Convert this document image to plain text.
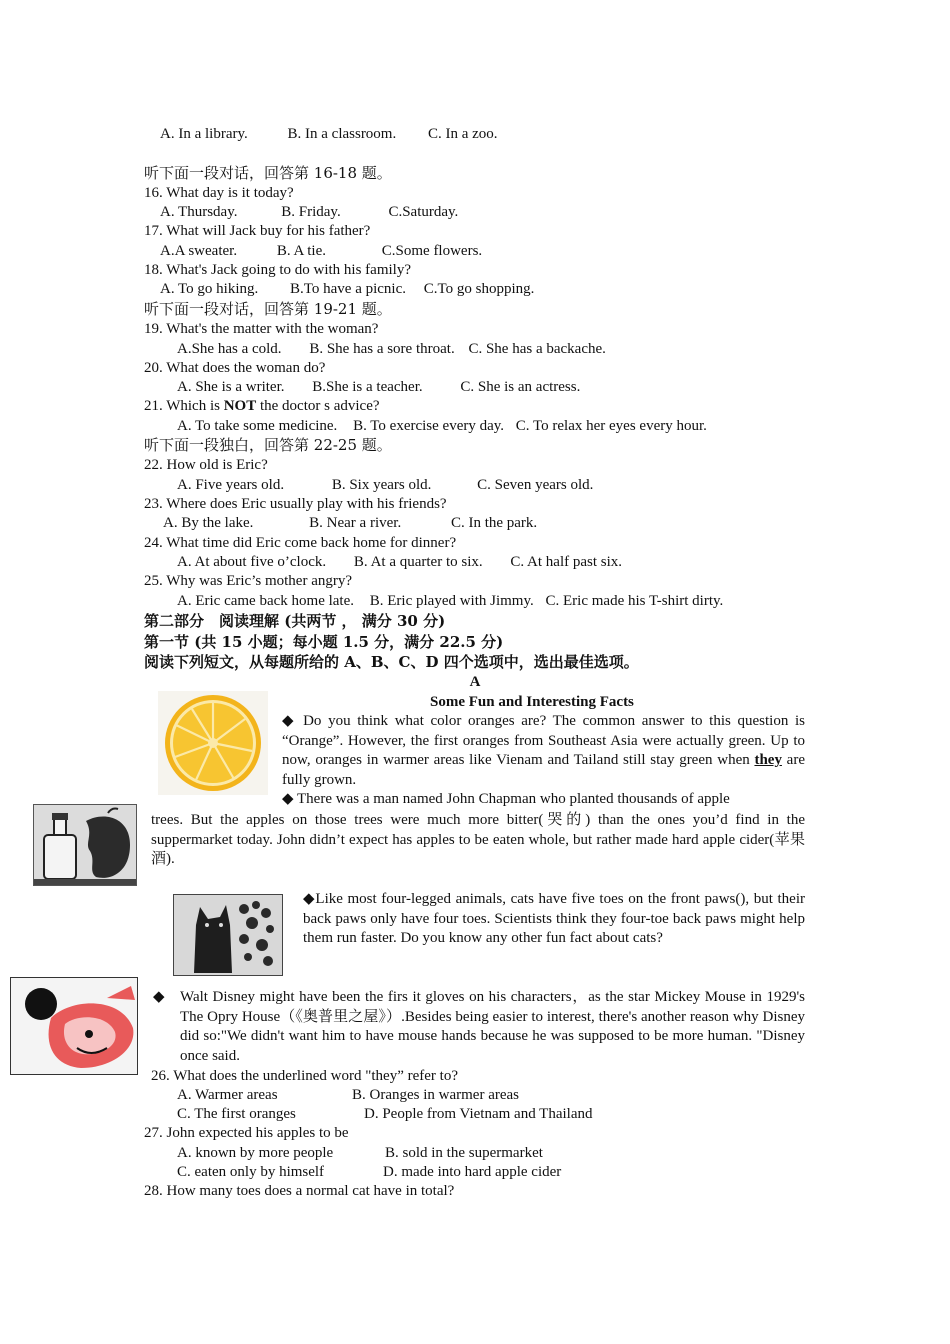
A. In a library.	B. In a classroom. C. In a zoo.
听下面一段对话，回答第 16-18 题。
16. What day is it today?
A. Thursday.	B. Friday.	C.Saturday.
17. What will Jack buy for his father?
A.A sweater.	B. A tie.	C.Some flowers.
18. What's Jack going to do with his family?
A. To go hiking. B.To have a picnic. C.To go shopping.
听下面一段对话，回答第 19-21 题。
19. What's the matter with the woman?
A.She has a cold. B. She has a sore throat. C. She has a backache.
20. What does the woman do?
A. She is a writer. B.She is a teacher.	C. She is an actress.
21. Which is NOT the doctor s advice?
A. To take some medicine. B. To exercise every day. C. To relax her eyes every hour.
听下面一段独白，回答第 22-25 题。
22. How old is Eric?
A. Five years old.	B. Six years old.	C. Seven years old.
23. Where does Eric usually play with his friends?
A. By the lake.	B. Near a river.	C. In the park.
24. What time did Eric come back home for dinner?
A. At about five o’clock. B. At a quarter to six. C. At half past six.
25. Why was Eric’s mother angry?
A. Eric came back home late. B. Eric played with Jimmy. C. Eric made his T-shirt dirty.
第二部分　阅读理解 (共两节 ， 满分 30 分)
第一节 (共 15 小题；每小题 1.5 分，满分 22.5 分)
阅读下列短文，从每题所给的 A、B、C、D 四个选项中，选出最佳选项。
A
Some Fun and Interesting Facts
◆ Do you think what color oranges are? The common answer to this question is “Orange”. However, the first oranges from Southeast Asia were actually green. Up to now, oranges in warmer areas like Vienam and Tailand still stay green when they are fully grown.
◆ There was a man named John Chapman who planted thousands of apple
trees. But the apples on those trees were much more bitter(哭的) than the ones you’d find in the suppermarket today. John didn’t expect has apples to be eaten whole, but rather made hard apple cider(苹果酒).
◆Like most four-legged animals, cats have five toes on the front paws(), but their back paws only have four toes. Scientists think they four-toe back paws might help them run faster. Do you know any other fun fact about cats?
◆ Walt Disney might have been the firs it gloves on his characters，as the star Mickey Mouse in 1929's The Opry House（《奥普里之屋》）.Besides being easier to interest, there's another reason why Disney did so:"We didn't want him to have mouse hands because he was supposed to be more human. "Disney once said.
26. What does the underlined word "they” refer to?
A. Warmer areas	B. Oranges in warmer areas
C. The first oranges	D. People from Vietnam and Thailand
27. John expected his apples to be
A. known by more people	B. sold in the supermarket
C. eaten only by himself	D. made into hard apple cider
28. How many toes does a normal cat have in total?
